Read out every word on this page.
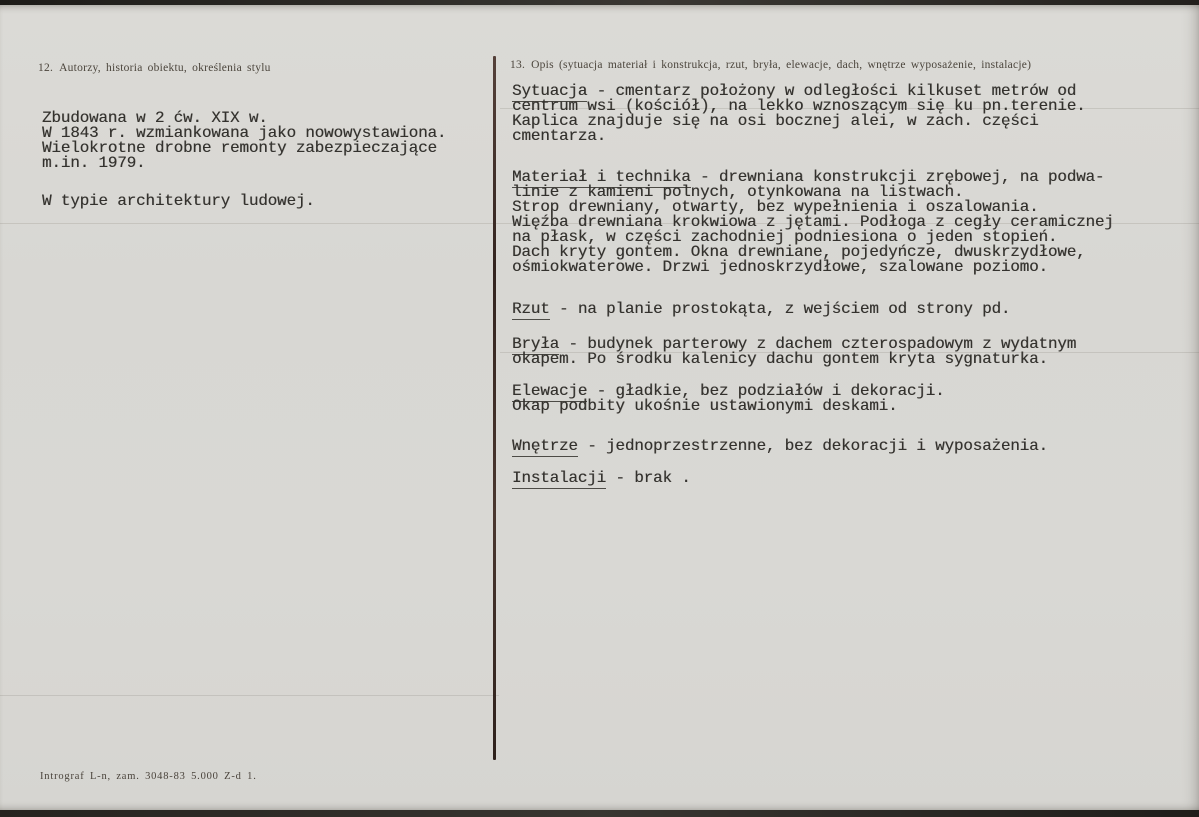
12. Autorzy, historia obiektu, określenia stylu	13. Opis (sytuacja materiał i konstrukcja, rzut, bryła, elewacje, dach, wnętrze wyposażenie, instalacje)
Zbudowana w 2 ćw. XIX w.
W 1843 r. wzmiankowana jako nowowystawiona.
Wielokrotne drobne remonty zabezpieczające
m.in. 1979.
W typie architektury ludowej.
Sytuacja - cmentarz położony w odległości kilkuset metrów od
centrum wsi (kościół), na lekko wznoszącym się ku pn.terenie.
Kaplica znajduje się na osi bocznej alei, w zach. części
cmentarza.
Materiał i technika - drewniana konstrukcji zrębowej, na podwa-
linie z kamieni polnych, otynkowana na listwach.
Strop drewniany, otwarty, bez wypełnienia i oszalowania.
Więźba drewniana krokwiowa z jętami. Podłoga z cegły ceramicznej
na płask, w części zachodniej podniesiona o jeden stopień.
Dach kryty gontem. Okna drewniane, pojedyńcze, dwuskrzydłowe,
ośmiokwaterowe. Drzwi jednoskrzydłowe, szalowane poziomo.
Rzut - na planie prostokąta, z wejściem od strony pd.
Bryła - budynek parterowy z dachem czterospadowym z wydatnym
okapem. Po środku kalenicy dachu gontem kryta sygnaturka.
Elewacje - gładkie, bez podziałów i dekoracji.
Okap podbity ukośnie ustawionymi deskami.
Wnętrze - jednoprzestrzenne, bez dekoracji i wyposażenia.
Instalacji - brak .
Intrograf L-n, zam. 3048-83 5.000 Z-d 1.
